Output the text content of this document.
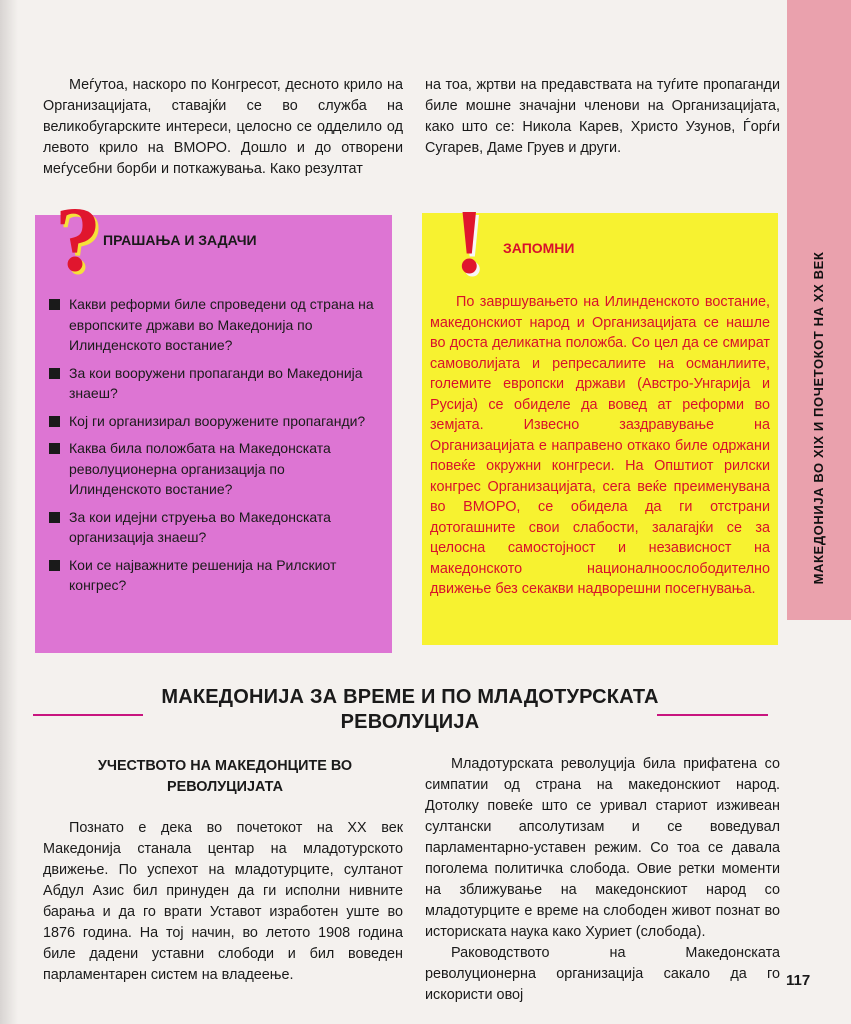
МАКЕДОНИЈА ВО XIX И ПОЧЕТОКОТ НА XX ВЕК

Меѓутоа, наскоро по Конгресот, десното крило на Организацијата, ставајќи се во служба на великобугарските интереси, целосно се одделило од левото крило на ВМОРО. Дошло и до отворени меѓусебни борби и поткажувања. Како резултат

на тоа, жртви на предавствата на туѓите пропаганди биле мошне значајни членови на Организацијата, како што се: Никола Карев, Христо Узунов, Ѓорѓи Сугарев, Даме Груев и други.

? ПРАШАЊА И ЗАДАЧИ
Какви реформи биле спроведени од страна на европските држави во Македонија по Илинденското востание?
За кои вооружени пропаганди во Македонија знаеш?
Кој ги организирал вооружените пропаганди?
Каква била положбата на Македонската револуционерна организација по Илинденското востание?
За кои идејни струења во Македонската организација знаеш?
Кои се најважните решенија на Рилскиот конгрес?
! ЗАПОМНИ

По завршувањето на Илинденското востание, македонскиот народ и Организацијата се нашле во доста деликатна положба. Со цел да се смират самоволијата и репресалиите на османлиите, големите европски држави (Австро-Унгарија и Русија) се обиделе да вовед ат реформи во земјата. Извесно заздравување на Организацијата е направено откако биле одржани повеќе окружни конгреси. На Општиот рилски конгрес Организацијата, сега веќе преименувана во ВМОРО, се обидела да ги отстрани дотогашните свои слабости, залагајќи се за целосна самостојност и независност на македонското националноослободително движење без секакви надворешни посегнувања.

МАКЕДОНИЈА ЗА ВРЕМЕ И ПО МЛАДОТУРСКАТА
РЕВОЛУЦИЈА
УЧЕСТВОТО НА МАКЕДОНЦИТЕ ВО РЕВОЛУЦИЈАТА

Познато е дека во почетокот на XX век Македонија станала центар на младотурското движење. По успехот на младотурците, султанот Абдул Азис бил принуден да ги исполни нивните барања и да го врати Уставот изработен уште во 1876 година. На тој начин, во летото 1908 година биле дадени уставни слободи и бил воведен парламентарен систем на владеење.

Младотурската револуција била прифатена со симпатии од страна на македонскиот народ. Дотолку повеќе што се уривал стариот изживеан султански апсолутизам и се воведувал парламентарно-уставен режим. Со тоа се давала поголема политичка слобода. Овие ретки моменти на зближување на македонскиот народ со младотурците е време на слободен живот познат во историската наука како Хуриет (слобода).

Раководството на Македонската револуционерна организација сакало да го искористи овој

117
